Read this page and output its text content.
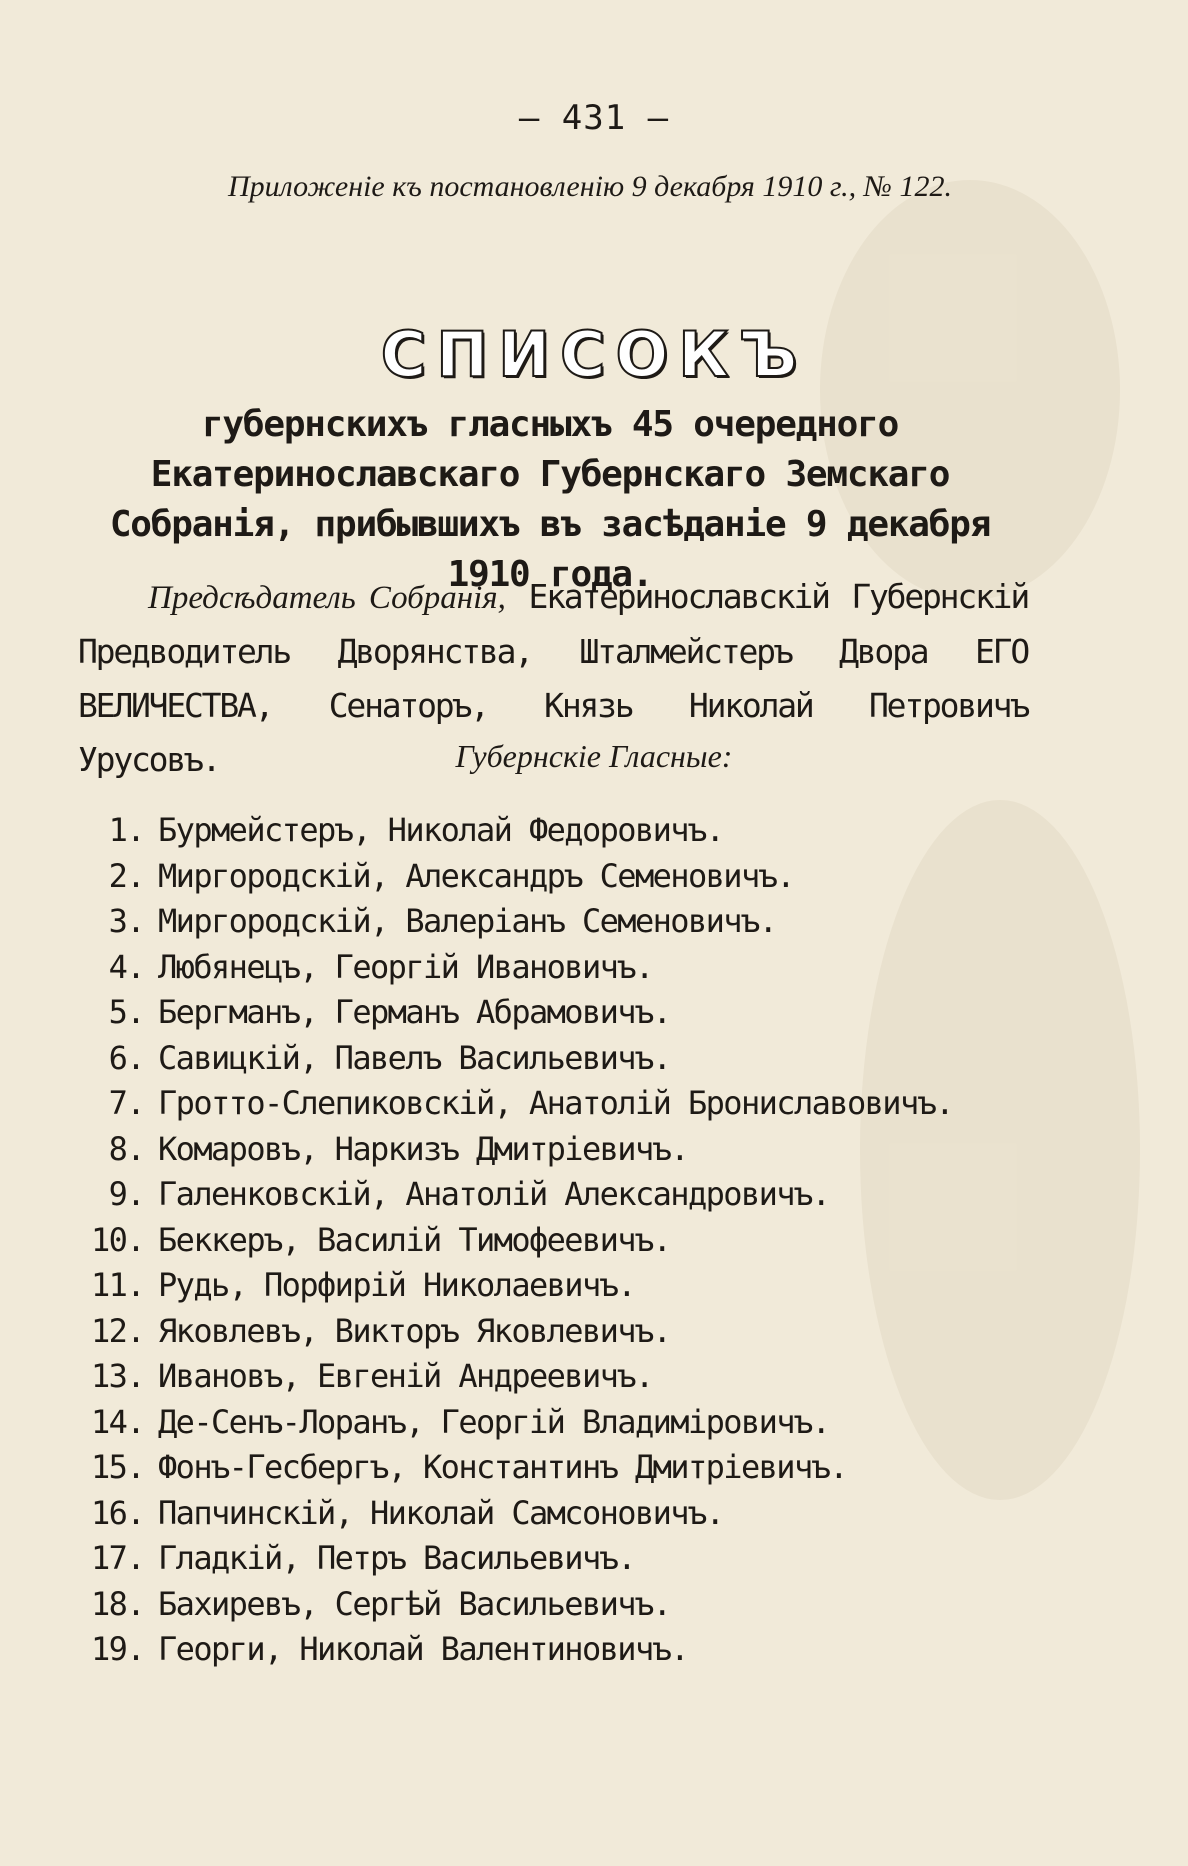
— 431 —
Приложеніе къ постановленію 9 декабря 1910 г., № 122.
СПИСОКЪ
губернскихъ гласныхъ 45 очередного Екатеринославскаго Губернскаго Земскаго Собранія, прибывшихъ въ засѣданіе 9 декабря 1910 года.
Предсѣдатель Собранія, Екатеринославскій Губернскій Предводитель Дворянства, Шталмейстеръ Двора ЕГО ВЕЛИЧЕСТВА, Сенаторъ, Князь Николай Петровичъ Урусовъ.	Губернскіе Гласные:
1. Бурмейстеръ, Николай Федоровичъ.
2. Миргородскій, Александръ Семеновичъ.
3. Миргородскій, Валеріанъ Семеновичъ.
4. Любянецъ, Георгій Ивановичъ.
5. Бергманъ, Германъ Абрамовичъ.
6. Савицкій, Павелъ Васильевичъ.
7. Гротто-Слепиковскій, Анатолій Брониславовичъ.
8. Комаровъ, Наркизъ Дмитріевичъ.
9. Галенковскій, Анатолій Александровичъ.
10. Беккеръ, Василій Тимофеевичъ.
11. Рудь, Порфирій Николаевичъ.
12. Яковлевъ, Викторъ Яковлевичъ.
13. Ивановъ, Евгеній Андреевичъ.
14. Де-Сенъ-Лоранъ, Георгій Владиміровичъ.
15. Фонъ-Гесбергъ, Константинъ Дмитріевичъ.
16. Папчинскій, Николай Самсоновичъ.
17. Гладкій, Петръ Васильевичъ.
18. Бахиревъ, Сергѣй Васильевичъ.
19. Георги, Николай Валентиновичъ.
